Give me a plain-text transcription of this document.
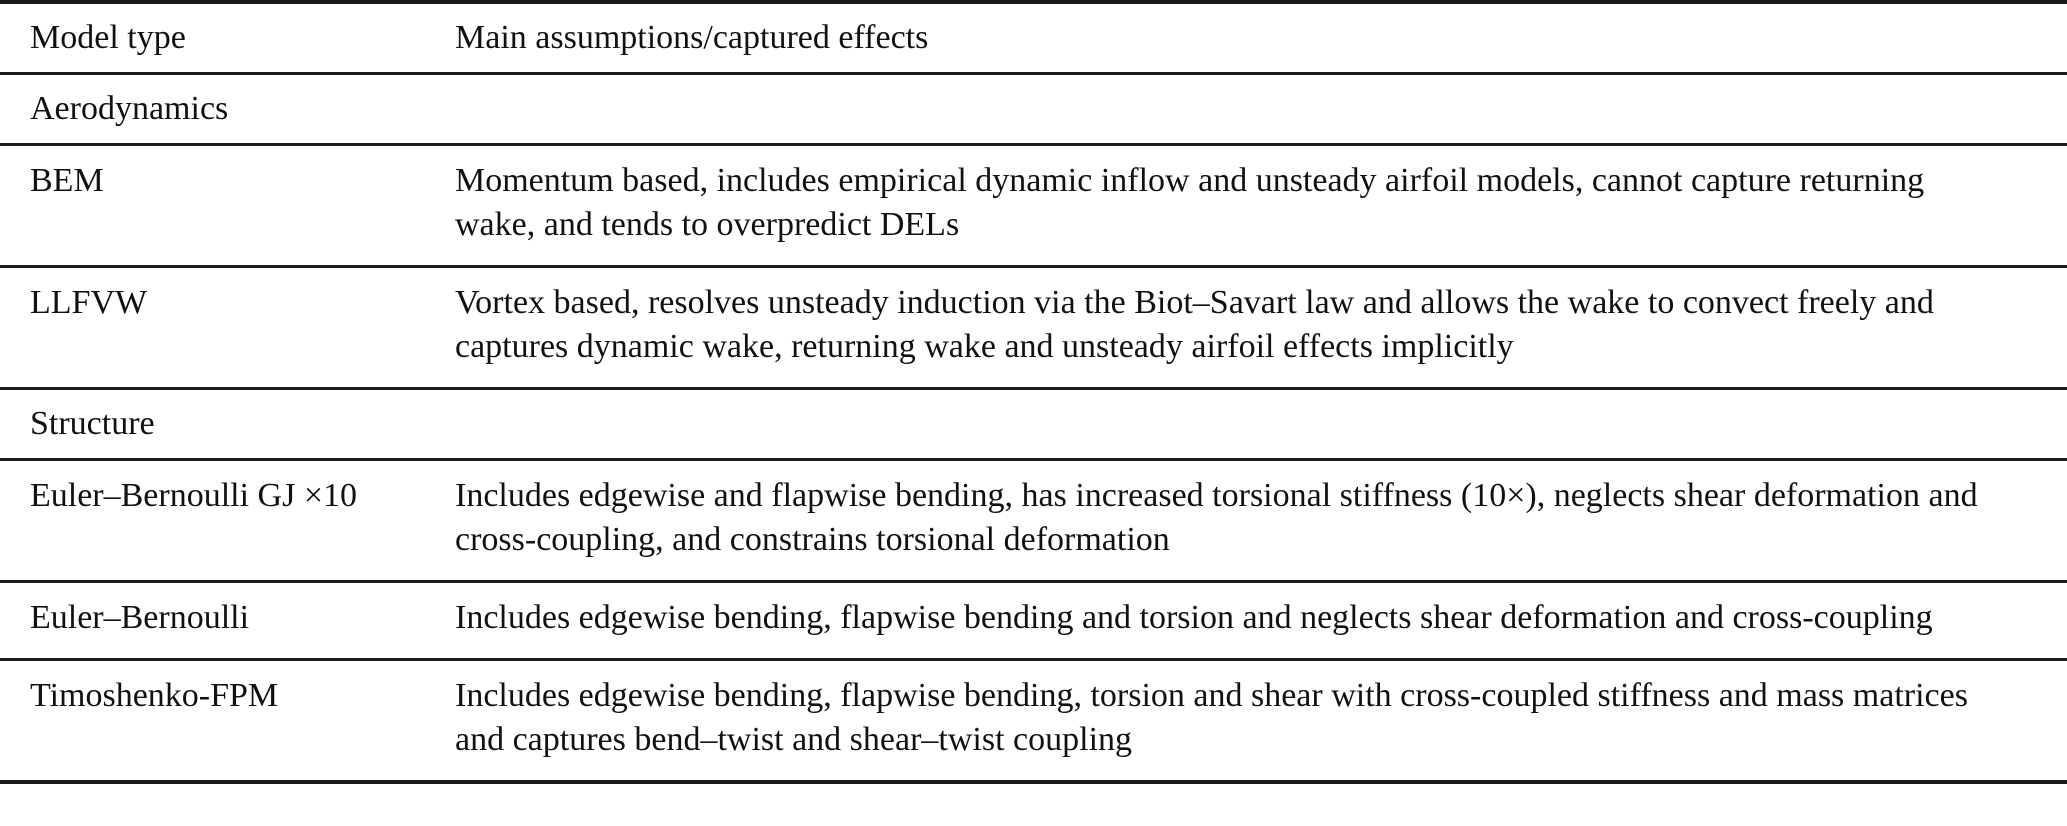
Model type	Main assumptions/captured effects
Aerodynamics	
BEM	Momentum based, includes empirical dynamic inflow and unsteady airfoil models, cannot capture returning wake, and tends to overpredict DELs
LLFVW	Vortex based, resolves unsteady induction via the Biot–Savart law and allows the wake to convect freely and captures dynamic wake, returning wake and unsteady airfoil effects implicitly
Structure	
Euler–Bernoulli GJ ×10	Includes edgewise and flapwise bending, has increased torsional stiffness (10×), neglects shear deformation and cross-coupling, and constrains torsional deformation
Euler–Bernoulli	Includes edgewise bending, flapwise bending and torsion and neglects shear deformation and cross-coupling
Timoshenko-FPM	Includes edgewise bending, flapwise bending, torsion and shear with cross-coupled stiffness and mass matrices and captures bend–twist and shear–twist coupling
